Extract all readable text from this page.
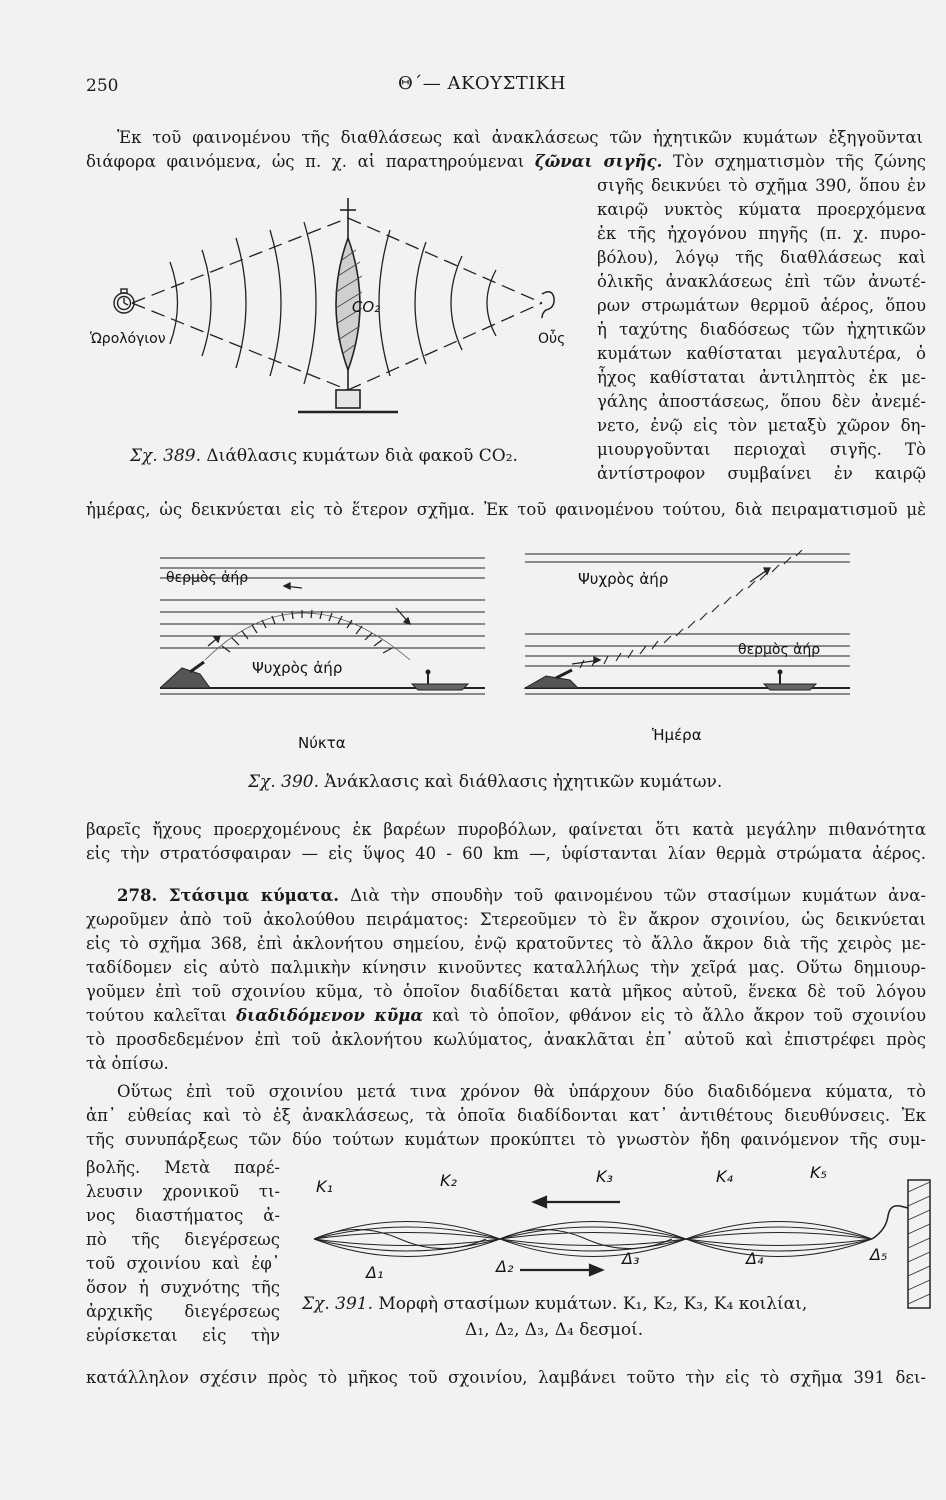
250	Θ΄— ΑΚΟΥΣΤΙΚΗ
Ἐκ τοῦ φαινομένου τῆς διαθλάσεως καὶ ἀνακλάσεως τῶν ἠχητικῶν κυμάτων ἐξηγοῦνται
διάφορα φαινόμενα, ὡς π. χ. αἱ παρατηρούμεναι ζῶναι σιγῆς. Τὸν σχηματισμὸν τῆς ζώνης
σιγῆς δεικνύει τὸ σχῆμα 390, ὅπου ἐν
καιρῷ νυκτὸς κύματα προερχόμενα
ἐκ τῆς ἠχογόνου πηγῆς (π. χ. πυρο-
βόλου), λόγῳ τῆς διαθλάσεως καὶ
ὁλικῆς ἀνακλάσεως ἐπὶ τῶν ἀνωτέ-
ρων στρωμάτων θερμοῦ ἀέρος, ὅπου
ἡ ταχύτης διαδόσεως τῶν ἠχητικῶν
κυμάτων καθίσταται μεγαλυτέρα, ὁ
ἦχος καθίσταται ἀντιληπτὸς ἐκ με-
γάλης ἀποστάσεως, ὅπου δὲν ἀνεμέ-
νετο, ἐνῷ εἰς τὸν μεταξὺ χῶρον δη-
μιουργοῦνται περιοχαὶ σιγῆς. Τὸ
ἀντίστροφον συμβαίνει ἐν καιρῷ
CO₂
Ὡρολόγιον	Οὖς
Σχ. 389. Διάθλασις κυμάτων διὰ φακοῦ CO₂.
ἡμέρας, ὡς δεικνύεται εἰς τὸ ἕτερον σχῆμα. Ἐκ τοῦ φαινομένου τούτου, διὰ πειραματισμοῦ μὲ
θερμὸς ἀήρ
Ψυχρὸς ἀήρ
Νύκτα
Ψυχρὸς ἀήρ
θερμὸς ἀήρ
Ἡμέρα
Σχ. 390. Ἀνάκλασις καὶ διάθλασις ἠχητικῶν κυμάτων.
βαρεῖς ἤχους προερχομένους ἐκ βαρέων πυροβόλων, φαίνεται ὅτι κατὰ μεγάλην πιθανότητα
εἰς τὴν στρατόσφαιραν — εἰς ὕψος 40 - 60 km —, ὑφίστανται λίαν θερμὰ στρώματα ἀέρος.
278. Στάσιμα κύματα. Διὰ τὴν σπουδὴν τοῦ φαινομένου τῶν στασίμων κυμάτων ἀνα-
χωροῦμεν ἀπὸ τοῦ ἀκολούθου πειράματος: Στερεοῦμεν τὸ ἓν ἄκρον σχοινίου, ὡς δεικνύεται
εἰς τὸ σχῆμα 368, ἐπὶ ἀκλονήτου σημείου, ἐνῷ κρατοῦντες τὸ ἄλλο ἄκρον διὰ τῆς χειρὸς με-
ταδίδομεν εἰς αὐτὸ παλμικὴν κίνησιν κινοῦντες καταλλήλως τὴν χεῖρά μας. Οὕτω δημιουρ-
γοῦμεν ἐπὶ τοῦ σχοινίου κῦμα, τὸ ὁποῖον διαδίδεται κατὰ μῆκος αὐτοῦ, ἕνεκα δὲ τοῦ λόγου
τούτου καλεῖται διαδιδόμενον κῦμα καὶ τὸ ὁποῖον, φθάνον εἰς τὸ ἄλλο ἄκρον τοῦ σχοινίου
τὸ προσδεδεμένον ἐπὶ τοῦ ἀκλονήτου κωλύματος, ἀνακλᾶται ἐπ᾿ αὐτοῦ καὶ ἐπιστρέφει πρὸς
τὰ ὀπίσω.
Οὕτως ἐπὶ τοῦ σχοινίου μετά τινα χρόνον θὰ ὑπάρχουν δύο διαδιδόμενα κύματα, τὸ
ἀπ᾿ εὐθείας καὶ τὸ ἐξ ἀνακλάσεως, τὰ ὁποῖα διαδίδονται κατ᾿ ἀντιθέτους διευθύνσεις. Ἐκ
τῆς συνυπάρξεως τῶν δύο τούτων κυμάτων προκύπτει τὸ γνωστὸν ἤδη φαινόμενον τῆς συμ-
βολῆς. Μετὰ παρέ-
λευσιν χρονικοῦ τι-
νος διαστήματος ἀ-
πὸ τῆς διεγέρσεως
τοῦ σχοινίου καὶ ἐφ᾿
ὅσον ἡ συχνότης τῆς
ἀρχικῆς διεγέρσεως
εὑρίσκεται εἰς τὴν
K₁	K₂	K₃	K₄	K₅
Δ₁	Δ₂	Δ₃	Δ₄	Δ₅
Σχ. 391. Μορφὴ στασίμων κυμάτων. K₁, K₂, K₃, K₄ κοιλίαι,
Δ₁, Δ₂, Δ₃, Δ₄ δεσμοί.
κατάλληλον σχέσιν πρὸς τὸ μῆκος τοῦ σχοινίου, λαμβάνει τοῦτο τὴν εἰς τὸ σχῆμα 391 δει-
